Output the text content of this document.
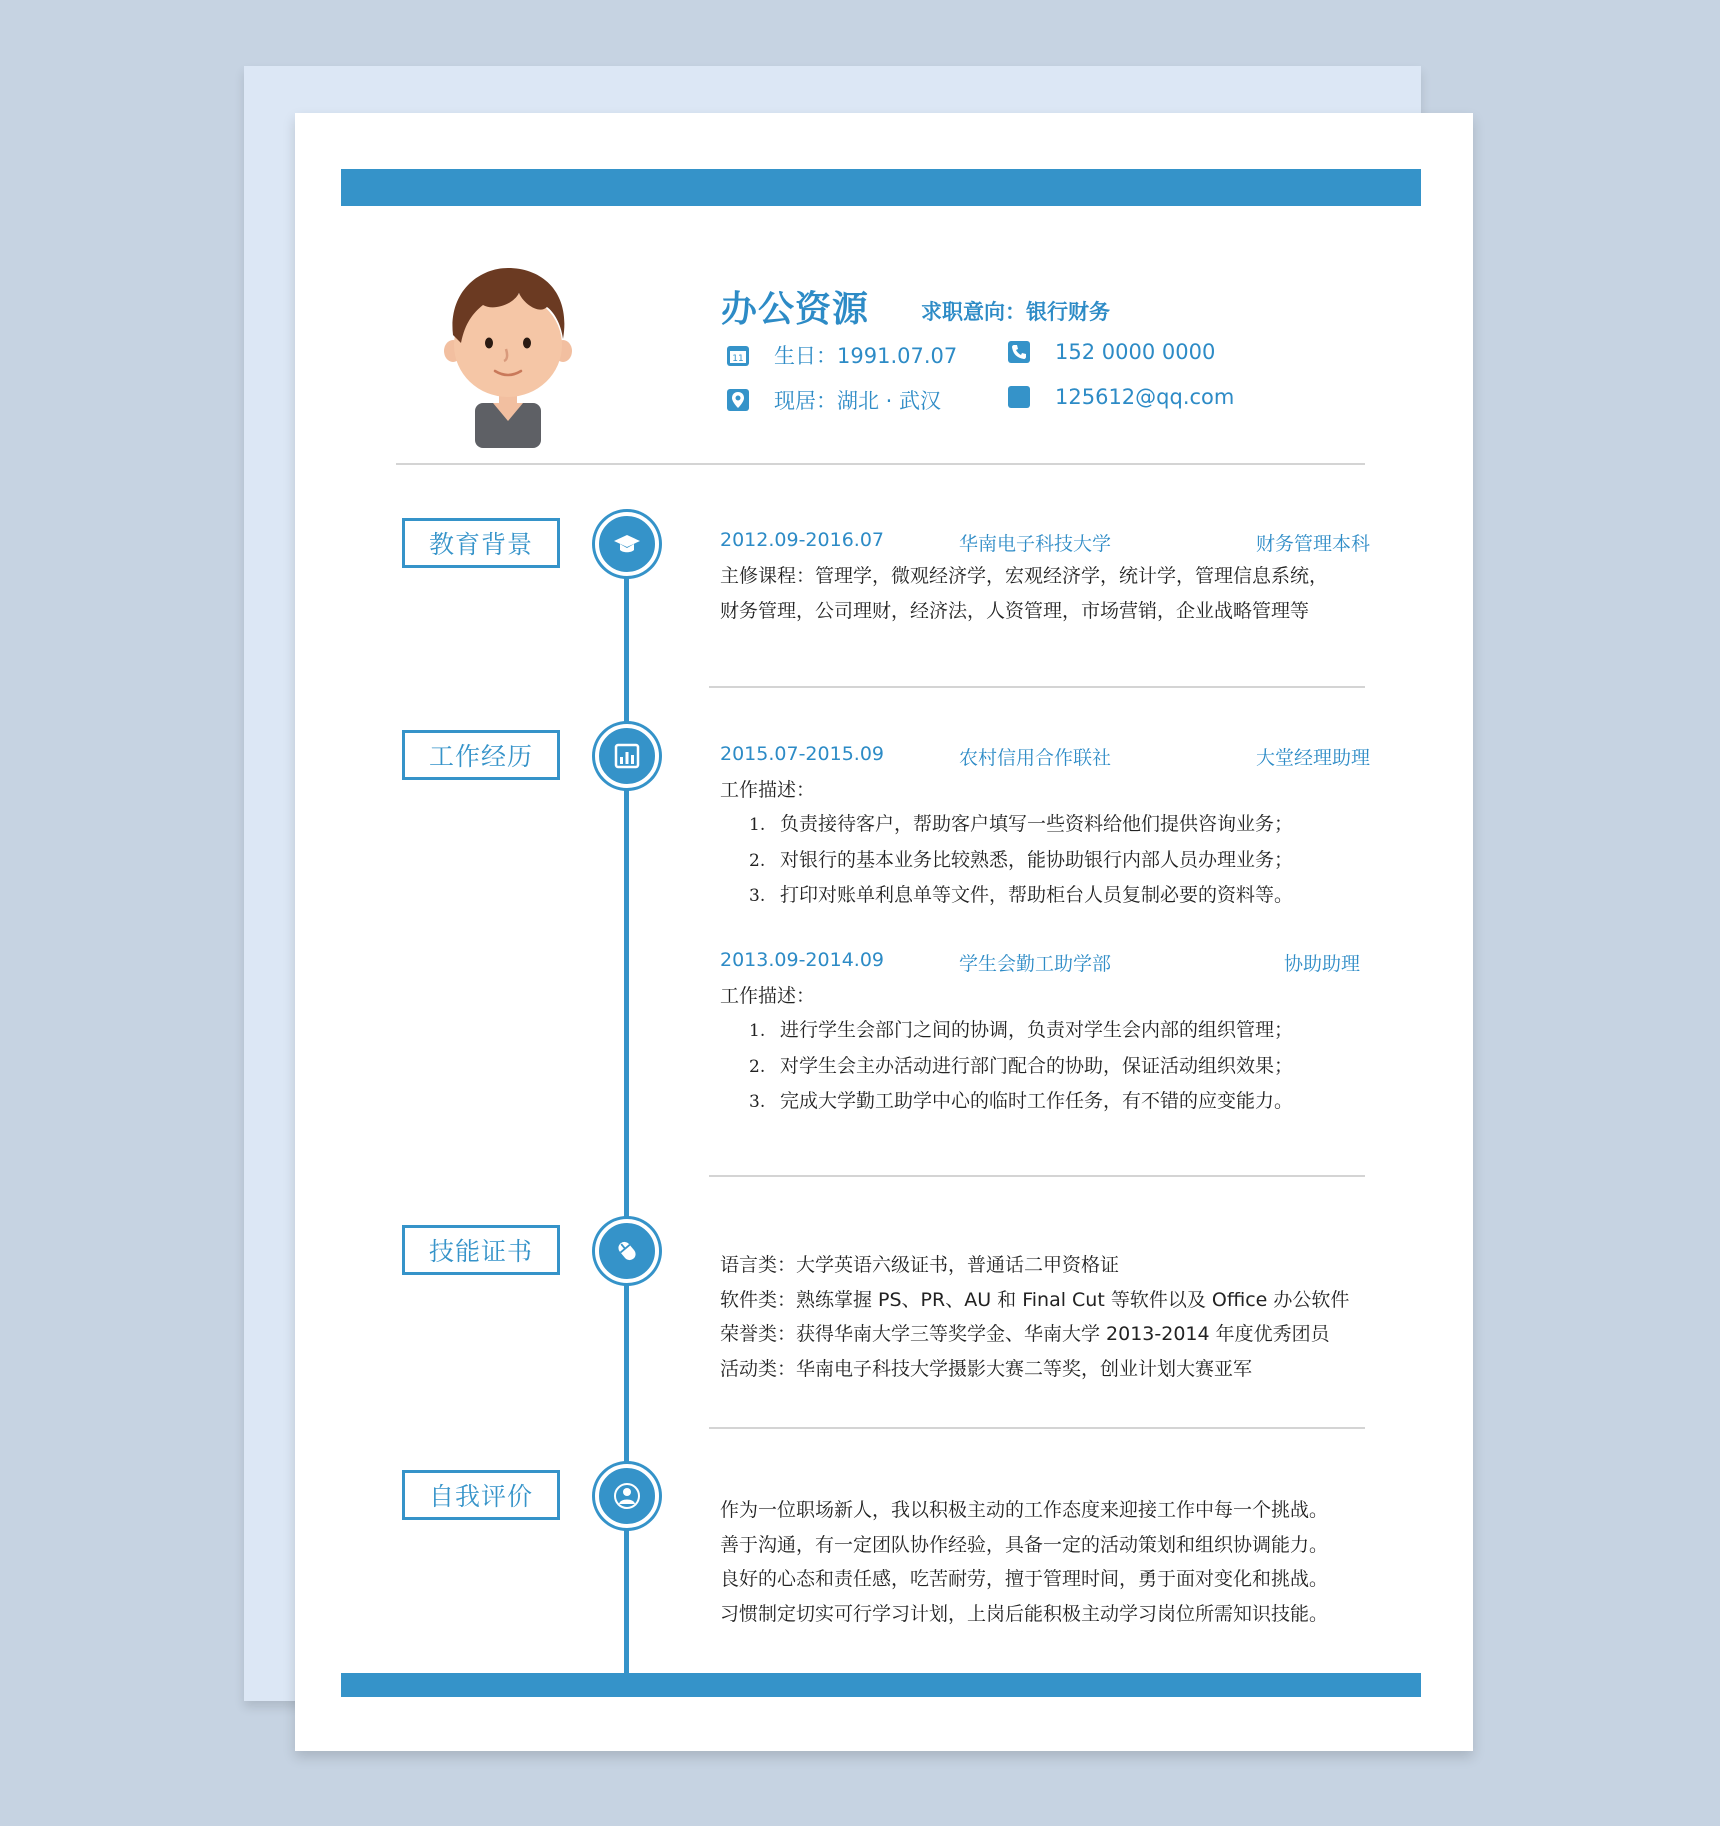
办公资源 求职意向：银行财务
11 生日：1991.07.07
现居：湖北 · 武汉
152 0000 0000
125612@qq.com
教育背景	2012.09-2016.07	华南电子科技大学	财务管理本科
主修课程：管理学，微观经济学，宏观经济学，统计学，管理信息系统，
财务管理，公司理财，经济法，人资管理，市场营销，企业战略管理等
工作经历	2015.07-2015.09	农村信用合作联社	大堂经理助理
工作描述：
1. 负责接待客户，帮助客户填写一些资料给他们提供咨询业务；
2. 对银行的基本业务比较熟悉，能协助银行内部人员办理业务；
3. 打印对账单利息单等文件，帮助柜台人员复制必要的资料等。
2013.09-2014.09	学生会勤工助学部	协助助理
工作描述：
1. 进行学生会部门之间的协调，负责对学生会内部的组织管理；
2. 对学生会主办活动进行部门配合的协助，保证活动组织效果；
3. 完成大学勤工助学中心的临时工作任务，有不错的应变能力。
技能证书	语言类：大学英语六级证书，普通话二甲资格证
软件类：熟练掌握 PS、PR、AU 和 Final Cut 等软件以及 Office 办公软件
荣誉类：获得华南大学三等奖学金、华南大学 2013-2014 年度优秀团员
活动类：华南电子科技大学摄影大赛二等奖，创业计划大赛亚军
自我评价	作为一位职场新人，我以积极主动的工作态度来迎接工作中每一个挑战。
善于沟通，有一定团队协作经验，具备一定的活动策划和组织协调能力。
良好的心态和责任感，吃苦耐劳，擅于管理时间，勇于面对变化和挑战。
习惯制定切实可行学习计划，上岗后能积极主动学习岗位所需知识技能。
